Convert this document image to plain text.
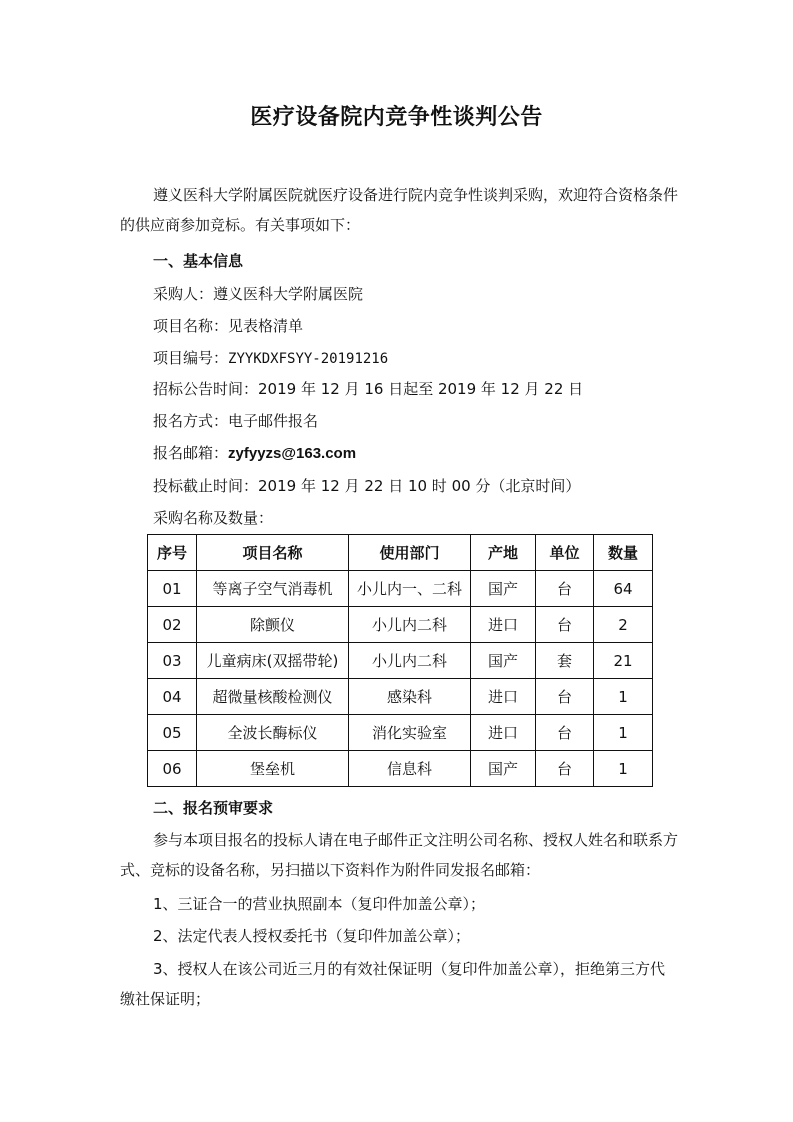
医疗设备院内竞争性谈判公告
遵义医科大学附属医院就医疗设备进行院内竞争性谈判采购，欢迎符合资格条件的供应商参加竞标。有关事项如下：
一、基本信息
采购人：遵义医科大学附属医院
项目名称：见表格清单
项目编号：ZYYKDXFSYY-20191216
招标公告时间：2019 年 12 月 16 日起至 2019 年 12 月 22 日
报名方式：电子邮件报名
报名邮箱：zyfyyzs@163.com
投标截止时间：2019 年 12 月 22 日 10 时 00 分（北京时间）
采购名称及数量：
序号	项目名称	使用部门	产地	单位	数量
01	等离子空气消毒机	小儿内一、二科	国产	台	64
02	除颤仪	小儿内二科	进口	台	2
03	儿童病床(双摇带轮)	小儿内二科	国产	套	21
04	超微量核酸检测仪	感染科	进口	台	1
05	全波长酶标仪	消化实验室	进口	台	1
06	堡垒机	信息科	国产	台	1
二、报名预审要求
参与本项目报名的投标人请在电子邮件正文注明公司名称、授权人姓名和联系方式、竞标的设备名称，另扫描以下资料作为附件同发报名邮箱：
1、三证合一的营业执照副本（复印件加盖公章）；
2、法定代表人授权委托书（复印件加盖公章）；
3、授权人在该公司近三月的有效社保证明（复印件加盖公章），拒绝第三方代缴社保证明；
